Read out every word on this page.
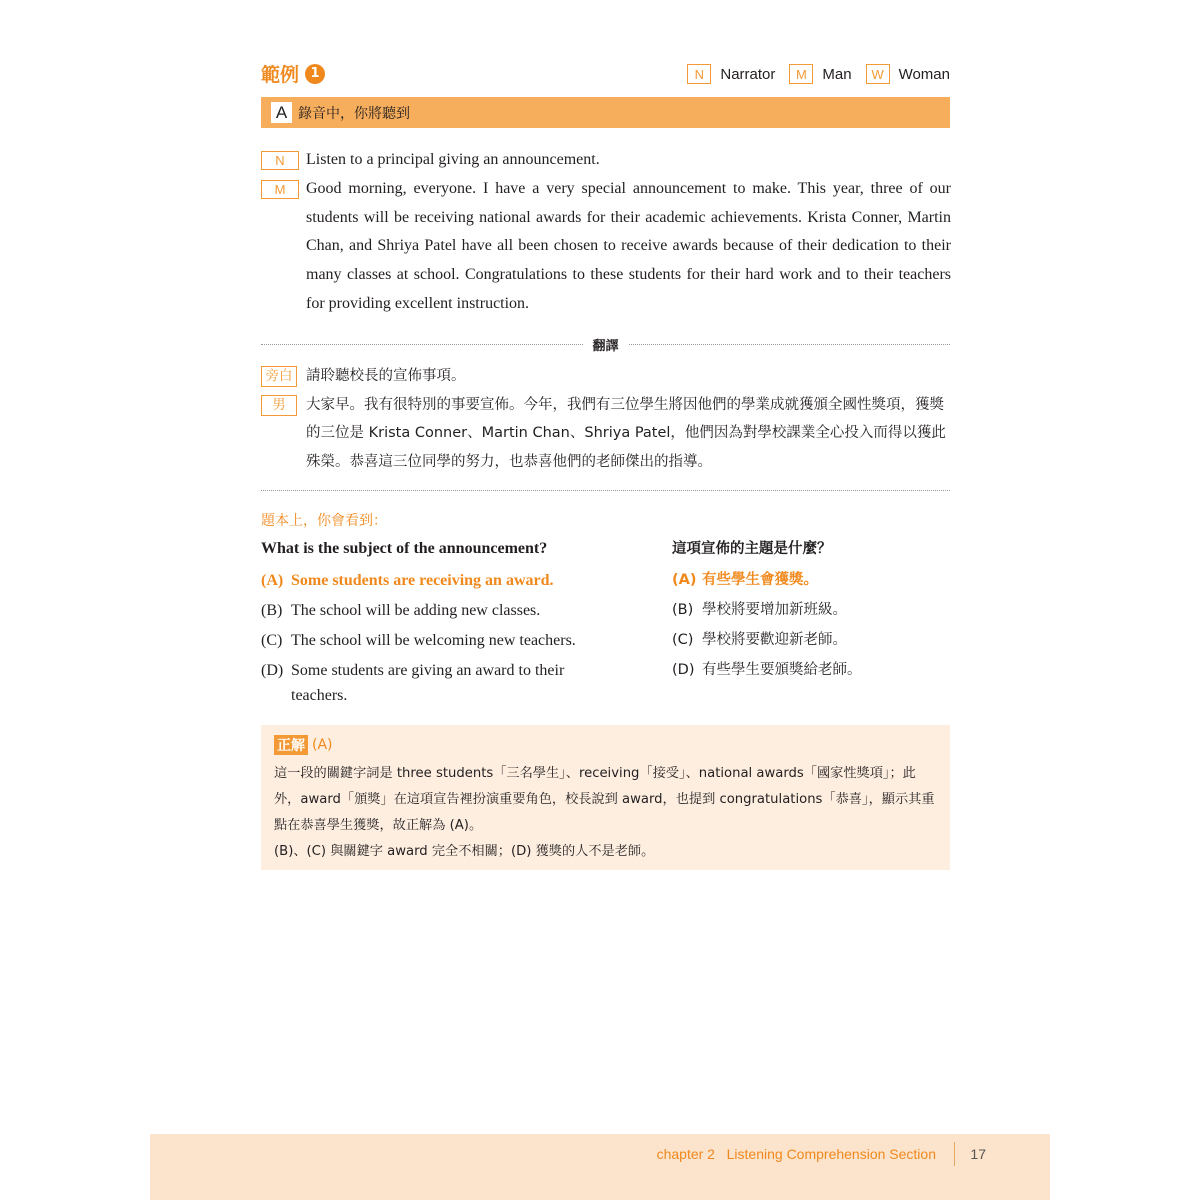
範例 1	N	Narrator	M	Man	W Woman
A 錄音中，你將聽到
N	Listen to a principal giving an announcement.
M	Good morning, everyone. I have a very special announcement to make. This year, three of our students will be receiving national awards for their academic achievements. Krista Conner, Martin Chan, and Shriya Patel have all been chosen to receive awards because of their dedication to their many classes at school. Congratulations to these students for their hard work and to their teachers for providing excellent instruction.
翻譯
旁白 請聆聽校長的宣佈事項。
男	大家早。我有很特別的事要宣佈。今年，我們有三位學生將因他們的學業成就獲頒全國性獎項，獲獎的三位是 Krista Conner、Martin Chan、Shriya Patel，他們因為對學校課業全心投入而得以獲此殊榮。恭喜這三位同學的努力，也恭喜他們的老師傑出的指導。
題本上，你會看到：
What is the subject of the announcement?
(A) Some students are receiving an award.
(B) The school will be adding new classes.
(C) The school will be welcoming new teachers.
(D) Some students are giving an award to their teachers.
這項宣佈的主題是什麼？
(A) 有些學生會獲獎。
(B) 學校將要增加新班級。
(C) 學校將要歡迎新老師。
(D) 有些學生要頒獎給老師。
正解 (A)
這一段的關鍵字詞是 three students「三名學生」、receiving「接受」、national awards「國家性獎項」；此外，award「頒獎」在這項宣告裡扮演重要角色，校長說到 award，也提到 congratulations「恭喜」，顯示其重點在恭喜學生獲獎，故正解為 (A)。
(B)、(C) 與關鍵字 award 完全不相關；(D) 獲獎的人不是老師。
chapter 2 Listening Comprehension Section 17
